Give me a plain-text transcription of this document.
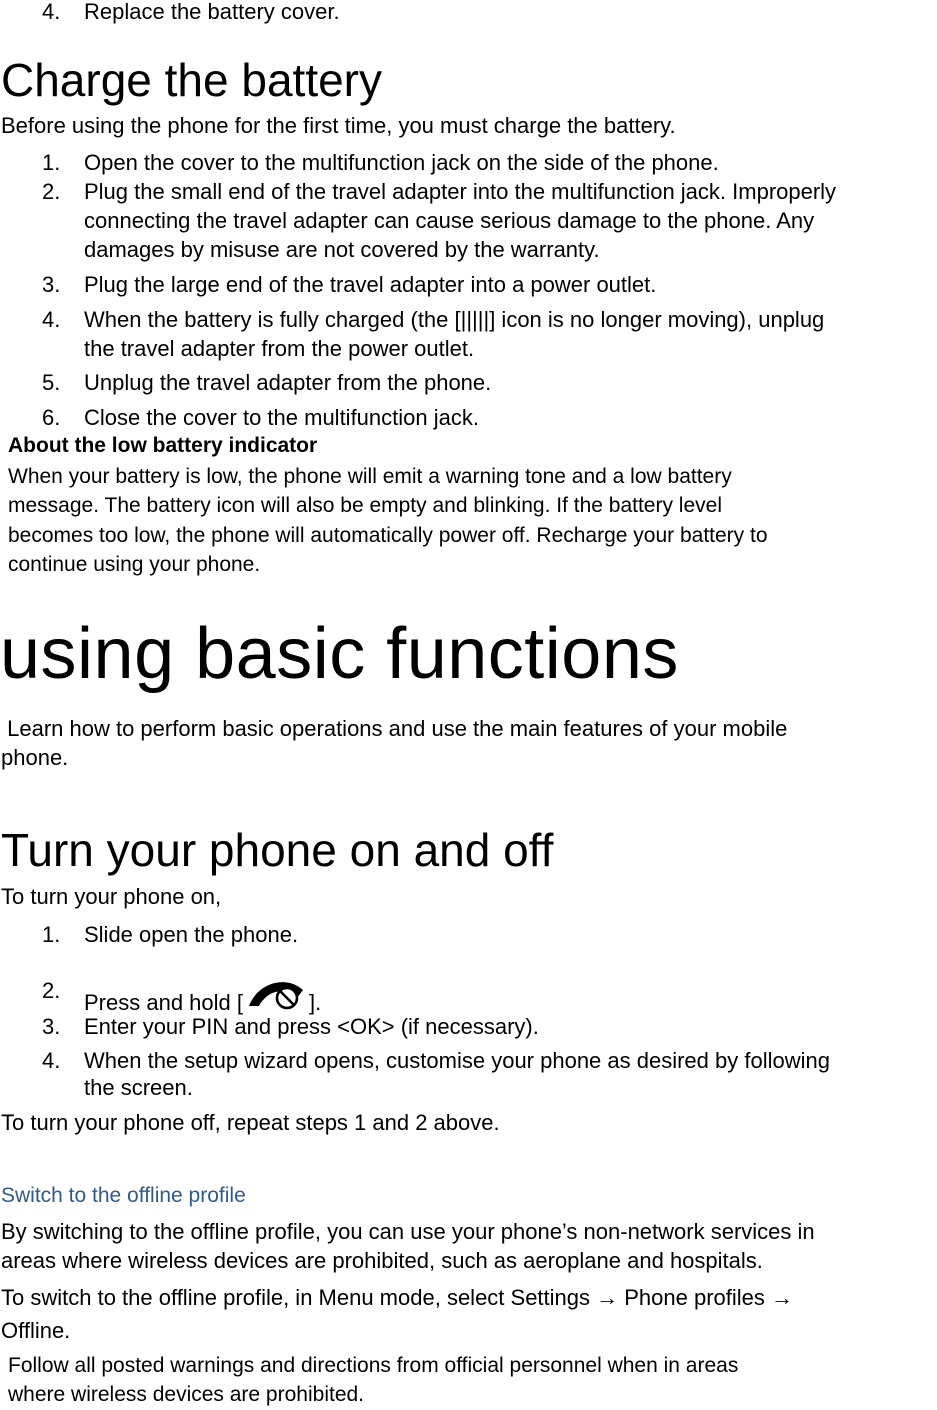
4. Replace the battery cover.
Charge the battery
Before using the phone for the first time, you must charge the battery.
1. Open the cover to the multifunction jack on the side of the phone.
2. Plug the small end of the travel adapter into the multifunction jack. Improperly
connecting the travel adapter can cause serious damage to the phone. Any
damages by misuse are not covered by the warranty.
3. Plug the large end of the travel adapter into a power outlet.
4. When the battery is fully charged (the [|||||] icon is no longer moving), unplug
the travel adapter from the power outlet.
5. Unplug the travel adapter from the phone.
6. Close the cover to the multifunction jack.
About the low battery indicator
When your battery is low, the phone will emit a warning tone and a low battery
message. The battery icon will also be empty and blinking. If the battery level
becomes too low, the phone will automatically power off. Recharge your battery to
continue using your phone.
using basic functions
Learn how to perform basic operations and use the main features of your mobile
phone.
Turn your phone on and off
To turn your phone on,
1. Slide open the phone.
2. Press and hold [	].
3. Enter your PIN and press <OK> (if necessary).
4. When the setup wizard opens, customise your phone as desired by following
the screen.
To turn your phone off, repeat steps 1 and 2 above.
Switch to the offline profile
By switching to the offline profile, you can use your phone’s non-network services in
areas where wireless devices are prohibited, such as aeroplane and hospitals.
To switch to the offline profile, in Menu mode, select Settings → Phone profiles →
Offline.
Follow all posted warnings and directions from official personnel when in areas
where wireless devices are prohibited.
